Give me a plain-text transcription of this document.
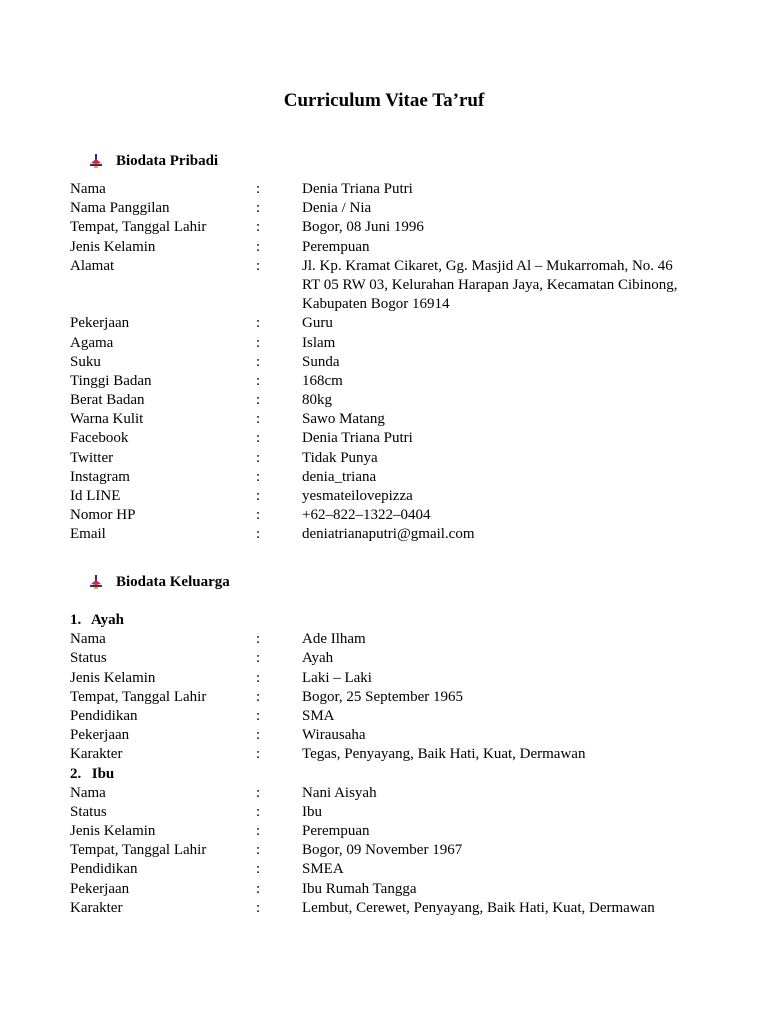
Curriculum Vitae Ta’ruf
Biodata Pribadi
Nama	:	Denia Triana Putri
Nama Panggilan	:	Denia / Nia
Tempat, Tanggal Lahir	:	Bogor, 08 Juni 1996
Jenis Kelamin	:	Perempuan
Alamat	:	Jl. Kp. Kramat Cikaret, Gg. Masjid Al – Mukarromah, No. 46
RT 05 RW 03, Kelurahan Harapan Jaya, Kecamatan Cibinong,
Kabupaten Bogor 16914
Pekerjaan	:	Guru
Agama	:	Islam
Suku	:	Sunda
Tinggi Badan	:	168cm
Berat Badan	:	80kg
Warna Kulit	:	Sawo Matang
Facebook	:	Denia Triana Putri
Twitter	:	Tidak Punya
Instagram	:	denia_triana
Id LINE	:	yesmateilovepizza
Nomor HP	:	+62–822–1322–0404
Email	:	deniatrianaputri@gmail.com
Biodata Keluarga
1. Ayah
Nama	:	Ade Ilham
Status	:	Ayah
Jenis Kelamin	:	Laki – Laki
Tempat, Tanggal Lahir	:	Bogor, 25 September 1965
Pendidikan	:	SMA
Pekerjaan	:	Wirausaha
Karakter	:	Tegas, Penyayang, Baik Hati, Kuat, Dermawan
2. Ibu
Nama	:	Nani Aisyah
Status	:	Ibu
Jenis Kelamin	:	Perempuan
Tempat, Tanggal Lahir	:	Bogor, 09 November 1967
Pendidikan	:	SMEA
Pekerjaan	:	Ibu Rumah Tangga
Karakter	:	Lembut, Cerewet, Penyayang, Baik Hati, Kuat, Dermawan
